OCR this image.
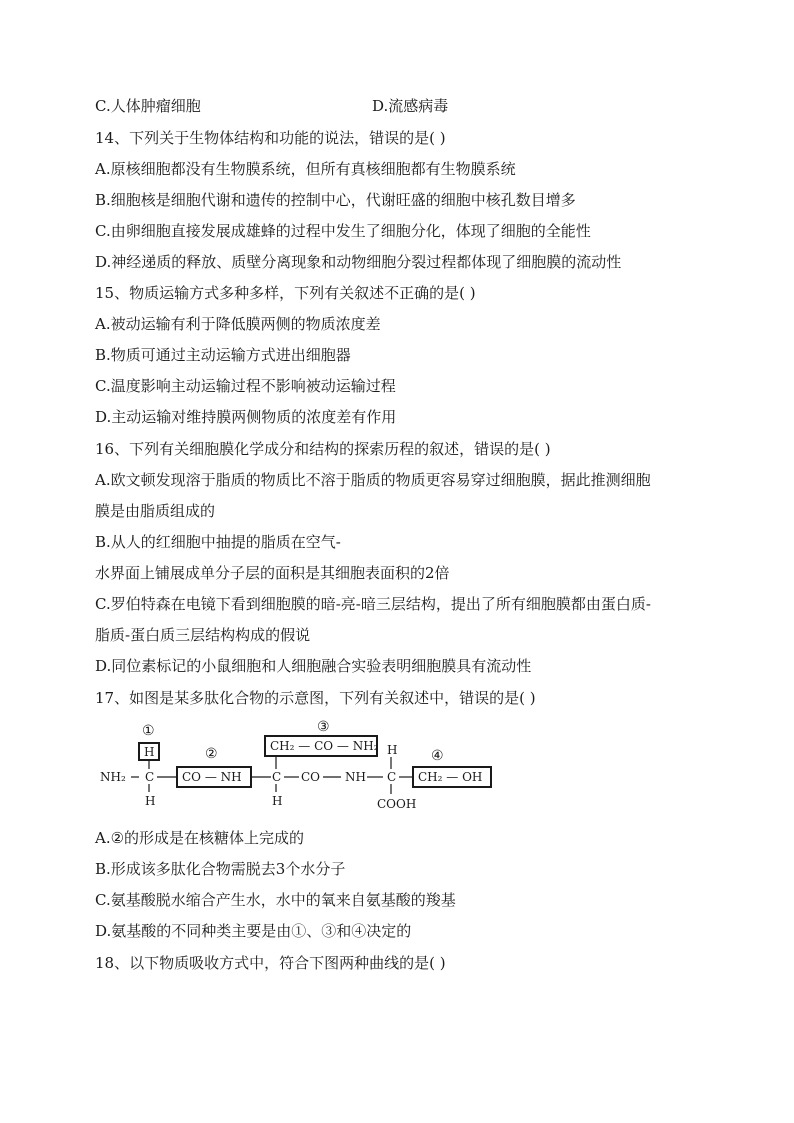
C.人体肿瘤细胞	D.流感病毒
14、下列关于生物体结构和功能的说法，错误的是( )
A.原核细胞都没有生物膜系统，但所有真核细胞都有生物膜系统
B.细胞核是细胞代谢和遗传的控制中心，代谢旺盛的细胞中核孔数目增多
C.由卵细胞直接发展成雄蜂的过程中发生了细胞分化，体现了细胞的全能性
D.神经递质的释放、质壁分离现象和动物细胞分裂过程都体现了细胞膜的流动性
15、物质运输方式多种多样，下列有关叙述不正确的是( )
A.被动运输有利于降低膜两侧的物质浓度差
B.物质可通过主动运输方式进出细胞器
C.温度影响主动运输过程不影响被动运输过程
D.主动运输对维持膜两侧物质的浓度差有作用
16、下列有关细胞膜化学成分和结构的探索历程的叙述，错误的是( )
A.欧文顿发现溶于脂质的物质比不溶于脂质的物质更容易穿过细胞膜，据此推测细胞
膜是由脂质组成的
B.从人的红细胞中抽提的脂质在空气-
水界面上铺展成单分子层的面积是其细胞表面积的2倍
C.罗伯特森在电镜下看到细胞膜的暗-亮-暗三层结构，提出了所有细胞膜都由蛋白质-
脂质-蛋白质三层结构构成的假说
D.同位素标记的小鼠细胞和人细胞融合实验表明细胞膜具有流动性
17、如图是某多肽化合物的示意图，下列有关叙述中，错误的是( )
①
②
③
④
H
NH₂ C
H
CO — NH
CH₂ — CO — NH₂
C
H
CO NH
H
C
COOH
CH₂ — OH
A.②的形成是在核糖体上完成的
B.形成该多肽化合物需脱去3个水分子
C.氨基酸脱水缩合产生水，水中的氧来自氨基酸的羧基
D.氨基酸的不同种类主要是由①、③和④决定的
18、以下物质吸收方式中，符合下图两种曲线的是( )
